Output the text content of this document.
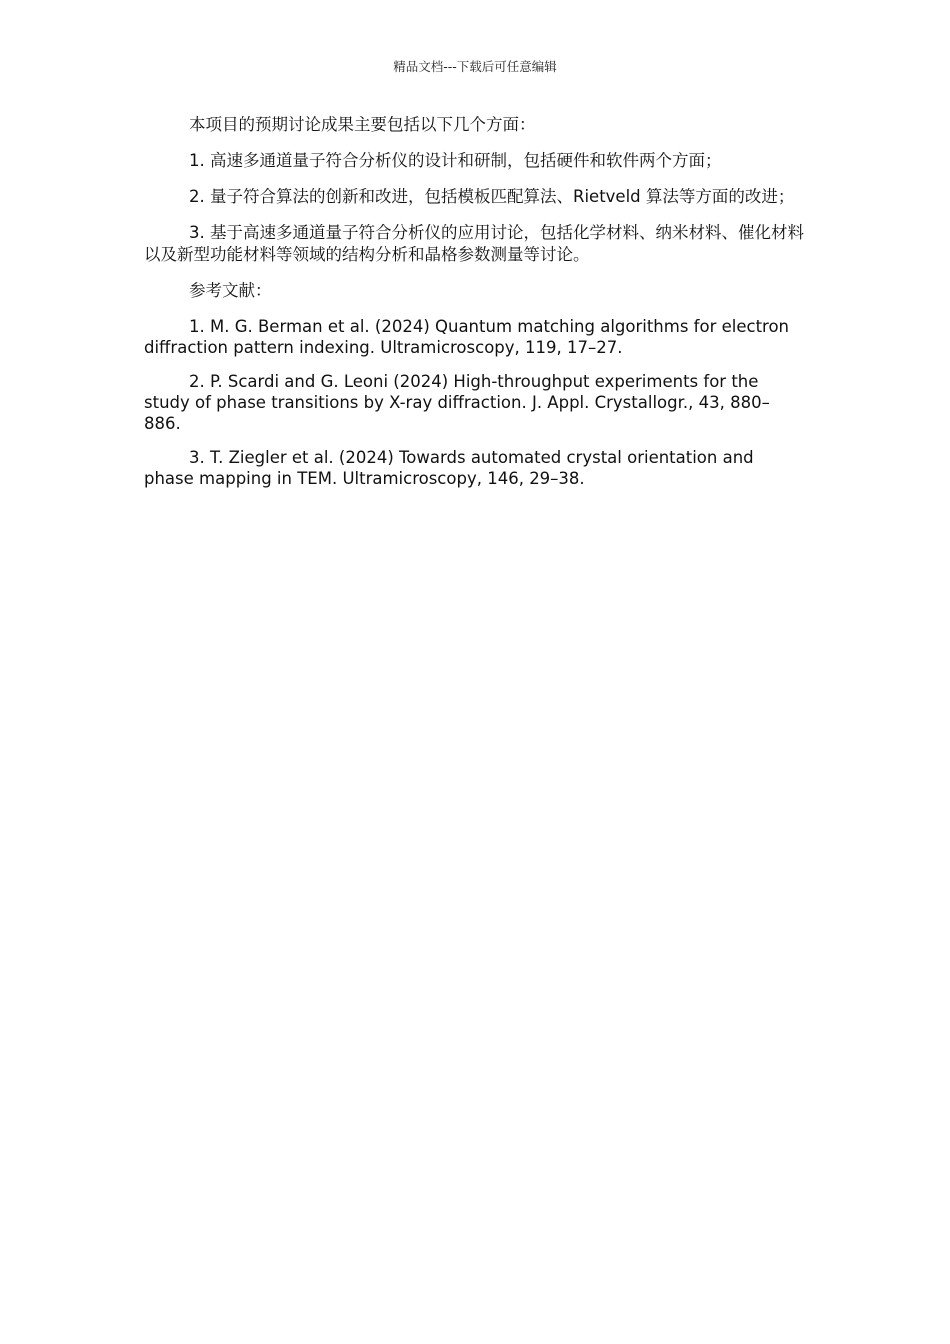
精品文档---下载后可任意编辑

本项目的预期讨论成果主要包括以下几个方面：

1. 高速多通道量子符合分析仪的设计和研制，包括硬件和软件两个方面；

2. 量子符合算法的创新和改进，包括模板匹配算法、Rietveld 算法等方面的改进；

3. 基于高速多通道量子符合分析仪的应用讨论，包括化学材料、纳米材料、催化材料以及新型功能材料等领域的结构分析和晶格参数测量等讨论。

参考文献：

1. M. G. Berman et al. (2024) Quantum matching algorithms for electron diffraction pattern indexing. Ultramicroscopy, 119, 17–27.

2. P. Scardi and G. Leoni (2024) High-throughput experiments for the study of phase transitions by X-ray diffraction. J. Appl. Crystallogr., 43, 880–886.

3. T. Ziegler et al. (2024) Towards automated crystal orientation and phase mapping in TEM. Ultramicroscopy, 146, 29–38.
